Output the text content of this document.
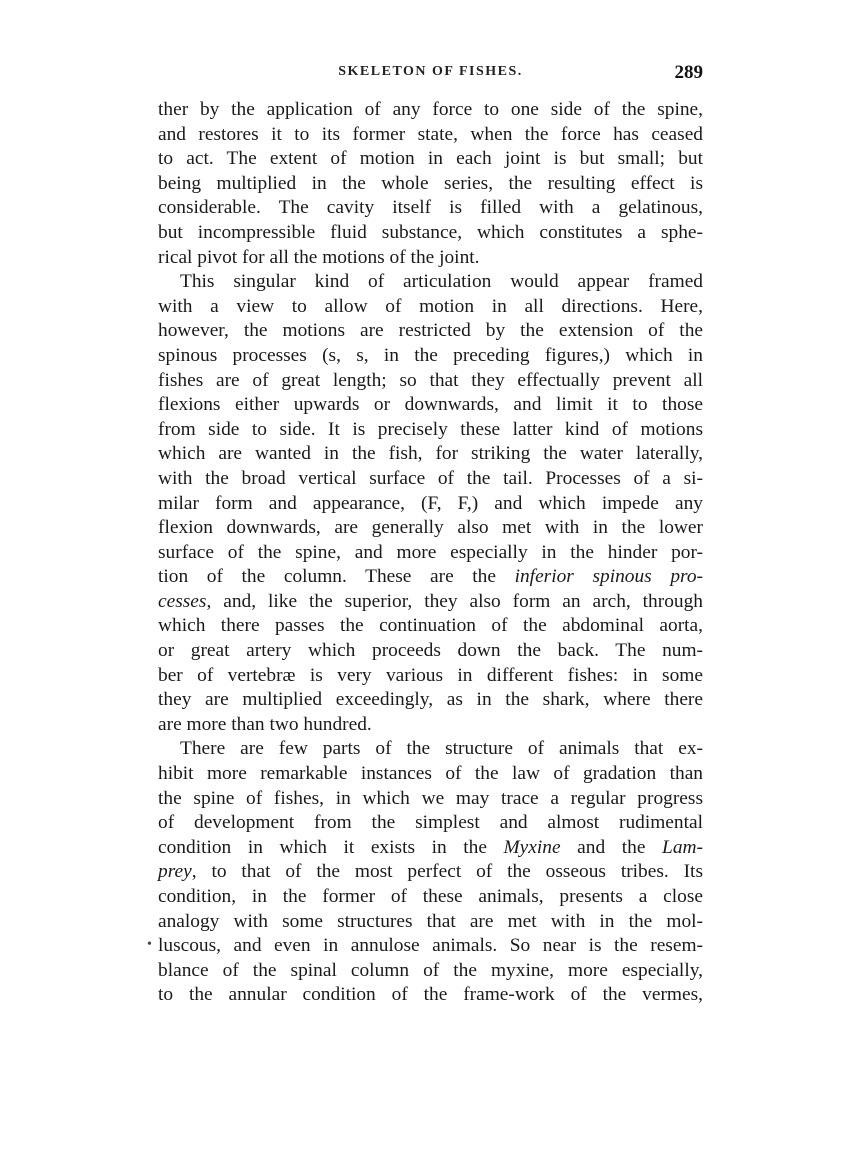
SKELETON OF FISHES.	289
ther by the application of any force to one side of the spine,
and restores it to its former state, when the force has ceased
to act. The extent of motion in each joint is but small; but
being multiplied in the whole series, the resulting effect is
considerable. The cavity itself is filled with a gelatinous,
but incompressible fluid substance, which constitutes a sphe-
rical pivot for all the motions of the joint.
This singular kind of articulation would appear framed
with a view to allow of motion in all directions. Here,
however, the motions are restricted by the extension of the
spinous processes (s, s, in the preceding figures,) which in
fishes are of great length; so that they effectually prevent all
flexions either upwards or downwards, and limit it to those
from side to side. It is precisely these latter kind of motions
which are wanted in the fish, for striking the water laterally,
with the broad vertical surface of the tail. Processes of a si-
milar form and appearance, (F, F,) and which impede any
flexion downwards, are generally also met with in the lower
surface of the spine, and more especially in the hinder por-
tion of the column. These are the inferior spinous pro-
cesses, and, like the superior, they also form an arch, through
which there passes the continuation of the abdominal aorta,
or great artery which proceeds down the back. The num-
ber of vertebræ is very various in different fishes: in some
they are multiplied exceedingly, as in the shark, where there
are more than two hundred.
There are few parts of the structure of animals that ex-
hibit more remarkable instances of the law of gradation than
the spine of fishes, in which we may trace a regular progress
of development from the simplest and almost rudimental
condition in which it exists in the Myxine and the Lam-
prey, to that of the most perfect of the osseous tribes. Its
condition, in the former of these animals, presents a close
analogy with some structures that are met with in the mol-
luscous, and even in annulose animals. So near is the resem-
blance of the spinal column of the myxine, more especially,
to the annular condition of the frame-work of the vermes,
•
